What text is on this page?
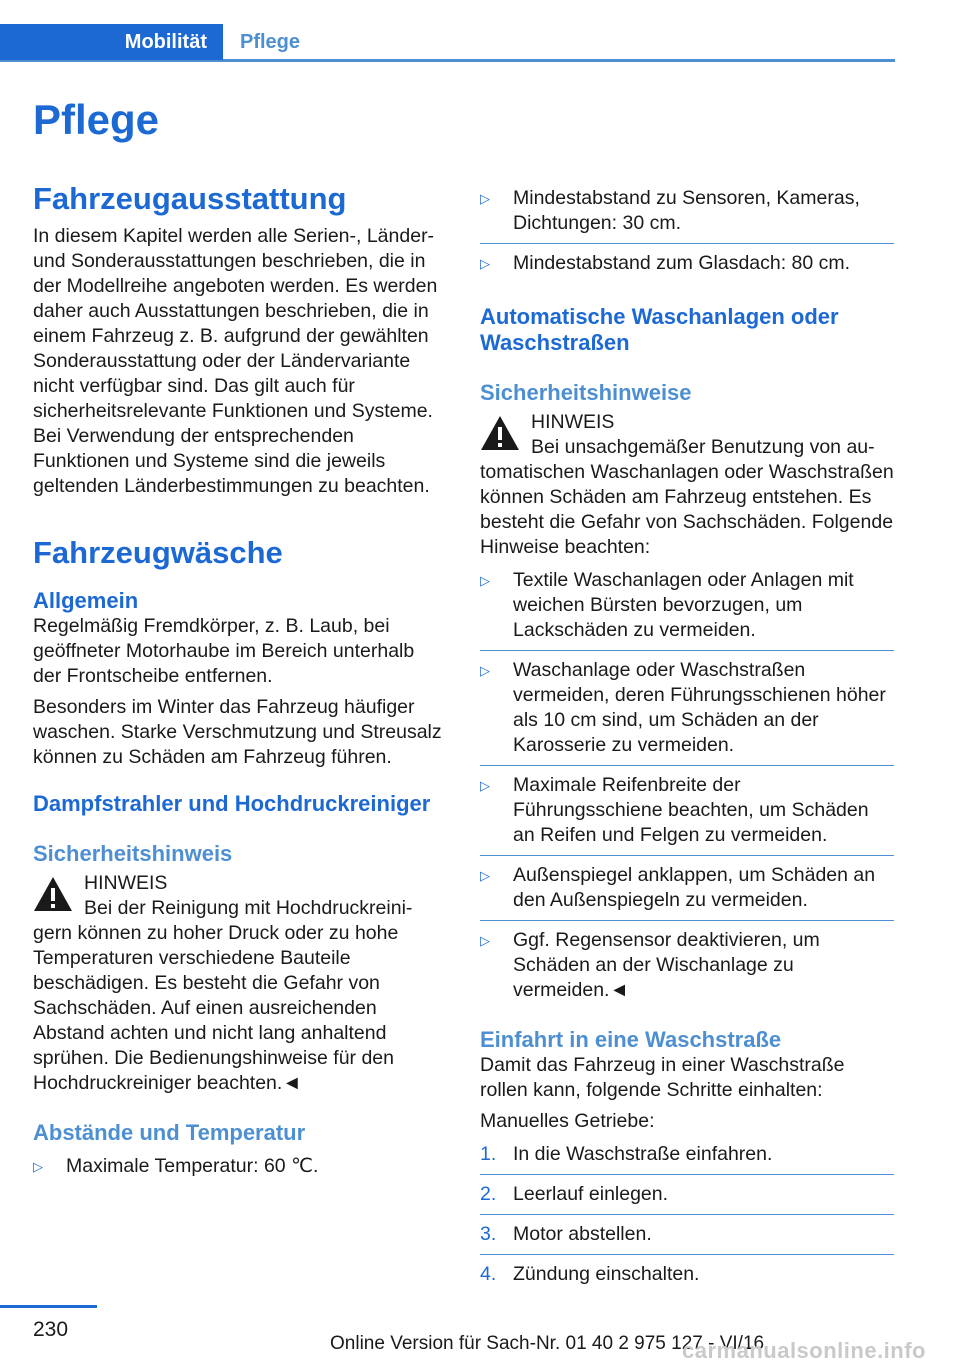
Mobilität	Pflege
Pflege
Fahrzeugausstattung

In diesem Kapitel werden alle Serien-, Länder- und Sonderausstattungen beschrieben, die in der Modellreihe angeboten werden. Es werden daher auch Ausstattungen beschrieben, die in einem Fahrzeug z. B. aufgrund der gewählten Sonderausstattung oder der Ländervariante nicht verfügbar sind. Das gilt auch für sicherheitsrelevante Funktionen und Systeme. Bei Verwendung der entsprechenden Funktionen und Systeme sind die jeweils geltenden Länderbestimmungen zu beachten.

Fahrzeugwäsche
Allgemein

Regelmäßig Fremdkörper, z. B. Laub, bei geöffneter Motorhaube im Bereich unterhalb der Frontscheibe entfernen.

Besonders im Winter das Fahrzeug häufiger waschen. Starke Verschmutzung und Streusalz können zu Schäden am Fahrzeug führen.

Dampfstrahler und Hochdruckreiniger
Sicherheitshinweis

HINWEIS

Bei der Reinigung mit Hochdruckreini-

gern können zu hoher Druck oder zu hohe Temperaturen verschiedene Bauteile beschädigen. Es besteht die Gefahr von Sachschäden. Auf einen ausreichenden Abstand achten und nicht lang anhaltend sprühen. Die Bedienungshinweise für den Hochdruckreiniger beachten.◄

Abstände und Temperatur
▷ Maximale Temperatur: 60 ℃.
▷ Mindestabstand zu Sensoren, Kameras, Dichtungen: 30 cm.
▷ Mindestabstand zum Glasdach: 80 cm.
Automatische Waschanlagen oder Waschstraßen
Sicherheitshinweise

HINWEIS

Bei unsachgemäßer Benutzung von au-

tomatischen Waschanlagen oder Waschstraßen können Schäden am Fahrzeug entstehen. Es besteht die Gefahr von Sachschäden. Folgende Hinweise beachten:

▷ Textile Waschanlagen oder Anlagen mit weichen Bürsten bevorzugen, um Lackschäden zu vermeiden.
▷ Waschanlage oder Waschstraßen vermeiden, deren Führungsschienen höher als 10 cm sind, um Schäden an der Karosserie zu vermeiden.
▷ Maximale Reifenbreite der Führungsschiene beachten, um Schäden an Reifen und Felgen zu vermeiden.
▷ Außenspiegel anklappen, um Schäden an den Außenspiegeln zu vermeiden.
▷ Ggf. Regensensor deaktivieren, um Schäden an der Wischanlage zu vermeiden.◄
Einfahrt in eine Waschstraße

Damit das Fahrzeug in einer Waschstraße rollen kann, folgende Schritte einhalten:

Manuelles Getriebe:

1. In die Waschstraße einfahren.
2. Leerlauf einlegen.
3. Motor abstellen.
4. Zündung einschalten.
230
Online Version für Sach-Nr. 01 40 2 975 127 - VI/16
carmanualsonline.info
